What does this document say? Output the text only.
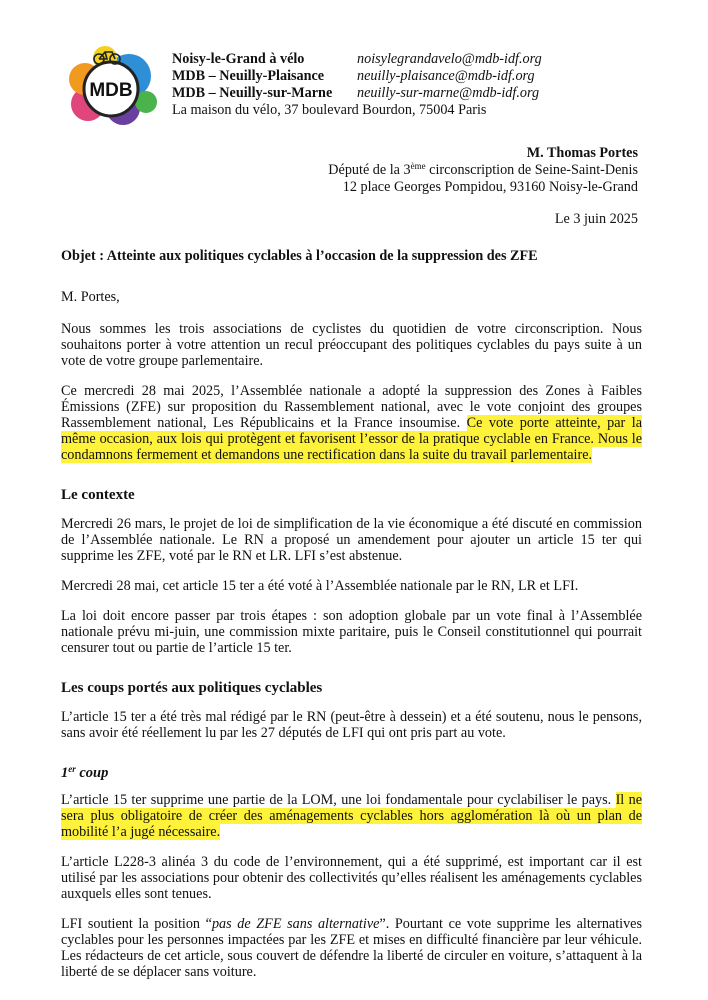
MDB
Noisy-le-Grand à vélo	noisylegrandavelo@mdb-idf.org
MDB – Neuilly-Plaisance	neuilly-plaisance@mdb-idf.org
MDB – Neuilly-sur-Marne	neuilly-sur-marne@mdb-idf.org
La maison du vélo, 37 boulevard Bourdon, 75004 Paris
M. Thomas Portes
Député de la 3ème circonscription de Seine-Saint-Denis
12 place Georges Pompidou, 93160 Noisy-le-Grand
Le 3 juin 2025
Objet : Atteinte aux politiques cyclables à l’occasion de la suppression des ZFE
M. Portes,

Nous sommes les trois associations de cyclistes du quotidien de votre circonscription. Nous souhaitons porter à votre attention un recul préoccupant des politiques cyclables du pays suite à un vote de votre groupe parlementaire.

Ce mercredi 28 mai 2025, l’Assemblée nationale a adopté la suppression des Zones à Faibles Émissions (ZFE) sur proposition du Rassemblement national, avec le vote conjoint des groupes Rassemblement national, Les Républicains et la France insoumise. Ce vote porte atteinte, par la même occasion, aux lois qui protègent et favorisent l’essor de la pratique cyclable en France. Nous le condamnons fermement et demandons une rectification dans la suite du travail parlementaire.

Le contexte

Mercredi 26 mars, le projet de loi de simplification de la vie économique a été discuté en commission de l’Assemblée nationale. Le RN a proposé un amendement pour ajouter un article 15 ter qui supprime les ZFE, voté par le RN et LR. LFI s’est abstenue.

Mercredi 28 mai, cet article 15 ter a été voté à l’Assemblée nationale par le RN, LR et LFI.

La loi doit encore passer par trois étapes : son adoption globale par un vote final à l’Assemblée nationale prévu mi-juin, une commission mixte paritaire, puis le Conseil constitutionnel qui pourrait censurer tout ou partie de l’article 15 ter.

Les coups portés aux politiques cyclables

L’article 15 ter a été très mal rédigé par le RN (peut-être à dessein) et a été soutenu, nous le pensons, sans avoir été réellement lu par les 27 députés de LFI qui ont pris part au vote.

1er coup

L’article 15 ter supprime une partie de la LOM, une loi fondamentale pour cyclabiliser le pays. Il ne sera plus obligatoire de créer des aménagements cyclables hors agglomération là où un plan de mobilité l’a jugé nécessaire.

L’article L228-3 alinéa 3 du code de l’environnement, qui a été supprimé, est important car il est utilisé par les associations pour obtenir des collectivités qu’elles réalisent les aménagements cyclables auxquels elles sont tenues.

LFI soutient la position “pas de ZFE sans alternative”. Pourtant ce vote supprime les alternatives cyclables pour les personnes impactées par les ZFE et mises en difficulté financière par leur véhicule. Les rédacteurs de cet article, sous couvert de défendre la liberté de circuler en voiture, s’attaquent à la liberté de se déplacer sans voiture.
